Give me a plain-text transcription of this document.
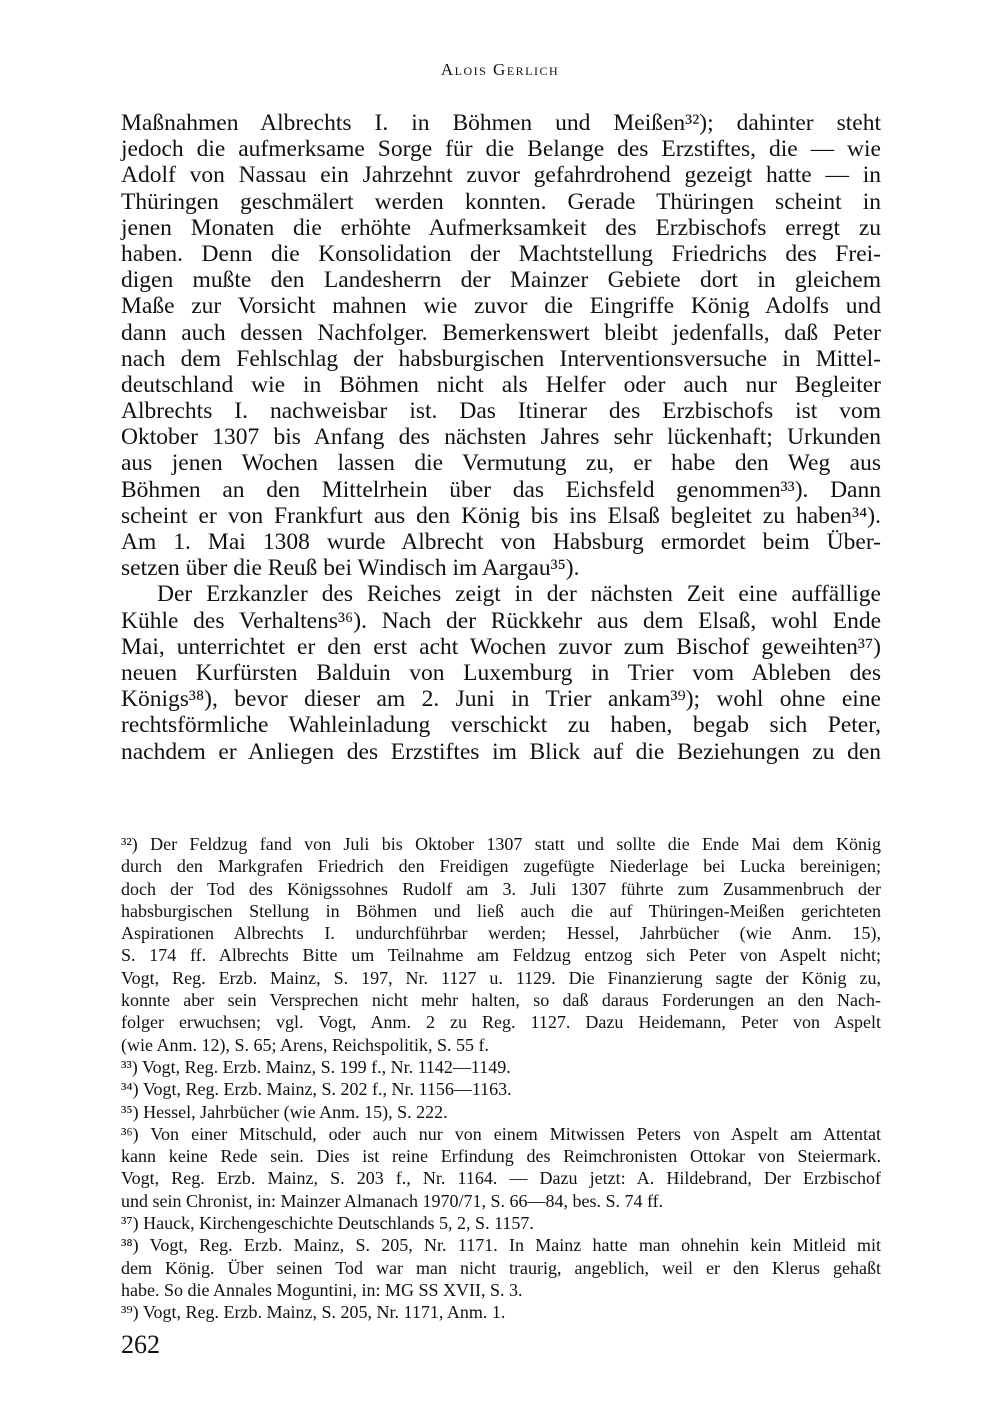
Alois Gerlich
Maßnahmen Albrechts I. in Böhmen und Meißen³²); dahinter steht
jedoch die aufmerksame Sorge für die Belange des Erzstiftes, die — wie
Adolf von Nassau ein Jahrzehnt zuvor gefahrdrohend gezeigt hatte — in
Thüringen geschmälert werden konnten. Gerade Thüringen scheint in
jenen Monaten die erhöhte Aufmerksamkeit des Erzbischofs erregt zu
haben. Denn die Konsolidation der Machtstellung Friedrichs des Frei-
digen mußte den Landesherrn der Mainzer Gebiete dort in gleichem
Maße zur Vorsicht mahnen wie zuvor die Eingriffe König Adolfs und
dann auch dessen Nachfolger. Bemerkenswert bleibt jedenfalls, daß Peter
nach dem Fehlschlag der habsburgischen Interventionsversuche in Mittel-
deutschland wie in Böhmen nicht als Helfer oder auch nur Begleiter
Albrechts I. nachweisbar ist. Das Itinerar des Erzbischofs ist vom
Oktober 1307 bis Anfang des nächsten Jahres sehr lückenhaft; Urkunden
aus jenen Wochen lassen die Vermutung zu, er habe den Weg aus
Böhmen an den Mittelrhein über das Eichsfeld genommen³³). Dann
scheint er von Frankfurt aus den König bis ins Elsaß begleitet zu haben³⁴).
Am 1. Mai 1308 wurde Albrecht von Habsburg ermordet beim Über-
setzen über die Reuß bei Windisch im Aargau³⁵).
Der Erzkanzler des Reiches zeigt in der nächsten Zeit eine auffällige
Kühle des Verhaltens³⁶). Nach der Rückkehr aus dem Elsaß, wohl Ende
Mai, unterrichtet er den erst acht Wochen zuvor zum Bischof geweihten³⁷)
neuen Kurfürsten Balduin von Luxemburg in Trier vom Ableben des
Königs³⁸), bevor dieser am 2. Juni in Trier ankam³⁹); wohl ohne eine
rechtsförmliche Wahleinladung verschickt zu haben, begab sich Peter,
nachdem er Anliegen des Erzstiftes im Blick auf die Beziehungen zu den
³²) Der Feldzug fand von Juli bis Oktober 1307 statt und sollte die Ende Mai dem König
durch den Markgrafen Friedrich den Freidigen zugefügte Niederlage bei Lucka bereinigen;
doch der Tod des Königssohnes Rudolf am 3. Juli 1307 führte zum Zusammenbruch der
habsburgischen Stellung in Böhmen und ließ auch die auf Thüringen-Meißen gerichteten
Aspirationen Albrechts I. undurchführbar werden; Hessel, Jahrbücher (wie Anm. 15),
S. 174 ff. Albrechts Bitte um Teilnahme am Feldzug entzog sich Peter von Aspelt nicht;
Vogt, Reg. Erzb. Mainz, S. 197, Nr. 1127 u. 1129. Die Finanzierung sagte der König zu,
konnte aber sein Versprechen nicht mehr halten, so daß daraus Forderungen an den Nach-
folger erwuchsen; vgl. Vogt, Anm. 2 zu Reg. 1127. Dazu Heidemann, Peter von Aspelt
(wie Anm. 12), S. 65; Arens, Reichspolitik, S. 55 f.
³³) Vogt, Reg. Erzb. Mainz, S. 199 f., Nr. 1142—1149.
³⁴) Vogt, Reg. Erzb. Mainz, S. 202 f., Nr. 1156—1163.
³⁵) Hessel, Jahrbücher (wie Anm. 15), S. 222.
³⁶) Von einer Mitschuld, oder auch nur von einem Mitwissen Peters von Aspelt am Attentat
kann keine Rede sein. Dies ist reine Erfindung des Reimchronisten Ottokar von Steiermark.
Vogt, Reg. Erzb. Mainz, S. 203 f., Nr. 1164. — Dazu jetzt: A. Hildebrand, Der Erzbischof
und sein Chronist, in: Mainzer Almanach 1970/71, S. 66—84, bes. S. 74 ff.
³⁷) Hauck, Kirchengeschichte Deutschlands 5, 2, S. 1157.
³⁸) Vogt, Reg. Erzb. Mainz, S. 205, Nr. 1171. In Mainz hatte man ohnehin kein Mitleid mit
dem König. Über seinen Tod war man nicht traurig, angeblich, weil er den Klerus gehaßt
habe. So die Annales Moguntini, in: MG SS XVII, S. 3.
³⁹) Vogt, Reg. Erzb. Mainz, S. 205, Nr. 1171, Anm. 1.
262
